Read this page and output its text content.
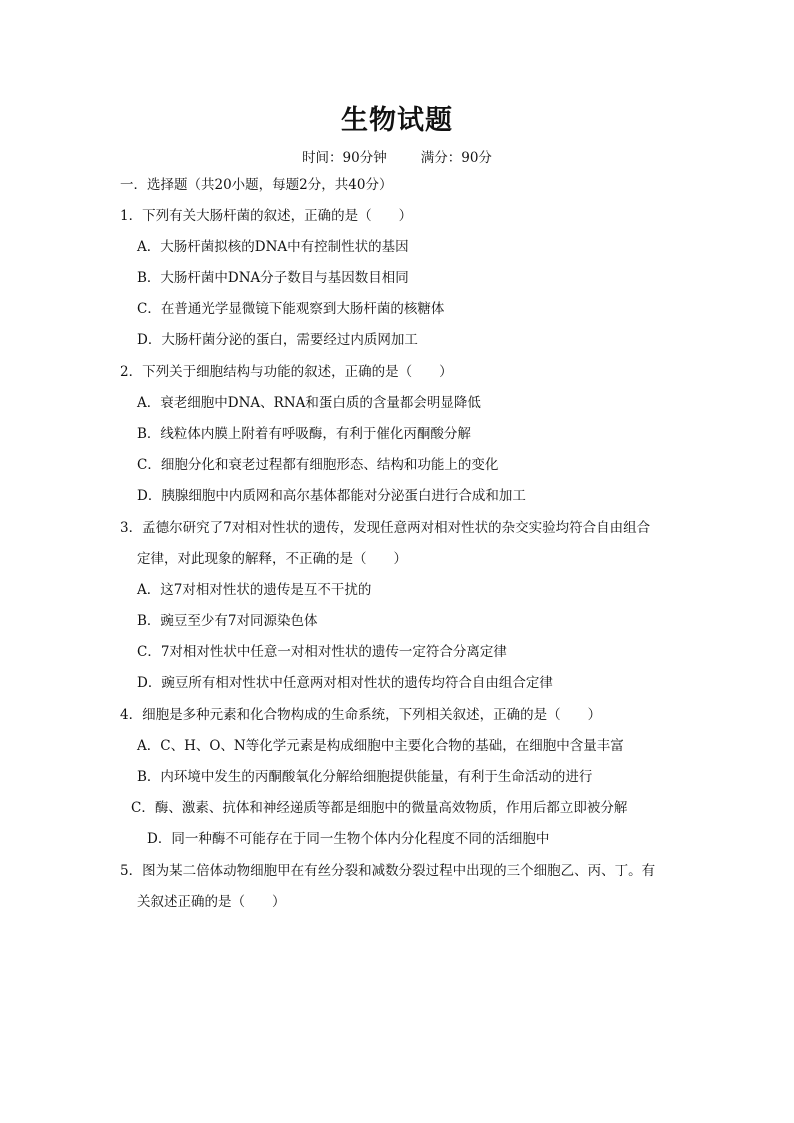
生物试题
时间：90分钟	满分：90分
一．选择题（共20小题，每题2分，共40分）
1．下列有关大肠杆菌的叙述，正确的是（　　）
A．大肠杆菌拟核的DNA中有控制性状的基因
B．大肠杆菌中DNA分子数目与基因数目相同
C．在普通光学显微镜下能观察到大肠杆菌的核糖体
D．大肠杆菌分泌的蛋白，需要经过内质网加工
2．下列关于细胞结构与功能的叙述，正确的是（　　）
A．衰老细胞中DNA、RNA和蛋白质的含量都会明显降低
B．线粒体内膜上附着有呼吸酶，有利于催化丙酮酸分解
C．细胞分化和衰老过程都有细胞形态、结构和功能上的变化
D．胰腺细胞中内质网和高尔基体都能对分泌蛋白进行合成和加工
3．孟德尔研究了7对相对性状的遗传，发现任意两对相对性状的杂交实验均符合自由组合
定律，对此现象的解释，不正确的是（　　）
A．这7对相对性状的遗传是互不干扰的
B．豌豆至少有7对同源染色体
C．7对相对性状中任意一对相对性状的遗传一定符合分离定律
D．豌豆所有相对性状中任意两对相对性状的遗传均符合自由组合定律
4．细胞是多种元素和化合物构成的生命系统，下列相关叙述，正确的是（　　）
A．C、H、O、N等化学元素是构成细胞中主要化合物的基础，在细胞中含量丰富
B．内环境中发生的丙酮酸氧化分解给细胞提供能量，有利于生命活动的进行
C．酶、激素、抗体和神经递质等都是细胞中的微量高效物质，作用后都立即被分解
D．同一种酶不可能存在于同一生物个体内分化程度不同的活细胞中
5．图为某二倍体动物细胞甲在有丝分裂和减数分裂过程中出现的三个细胞乙、丙、丁。有
关叙述正确的是（　　）
